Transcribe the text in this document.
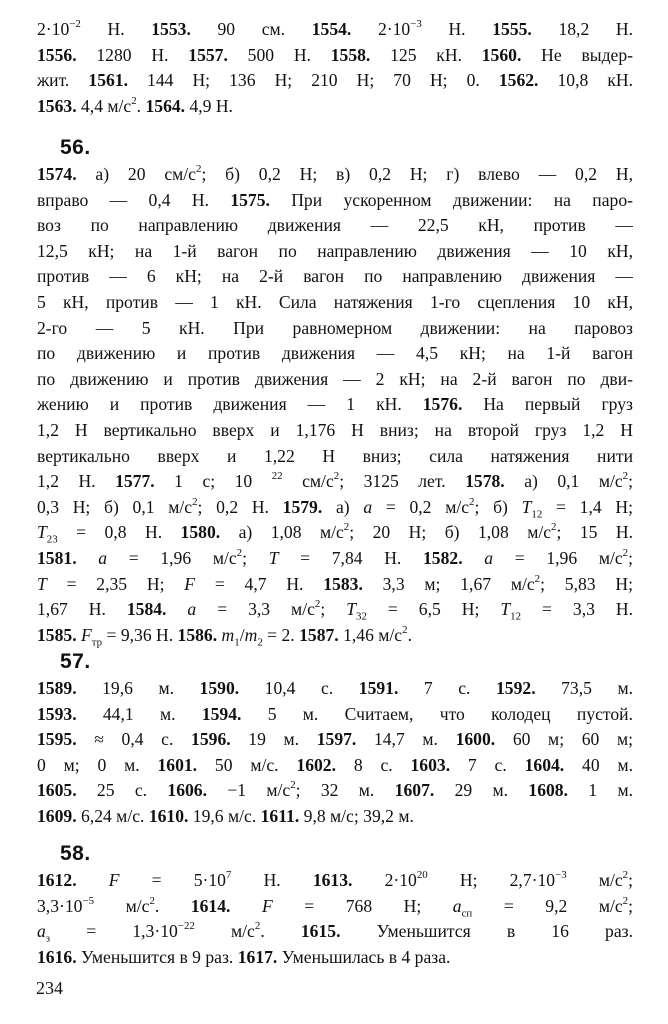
$2\cdot 10^{-2}$ Н. 1553. 90 см. 1554. $2\cdot 10^{-3}$ Н. 1555. 18,2 Н.
1556. 1280 Н. 1557. 500 Н. 1558. 125 кН. 1560. Не выдер-
жит. 1561. 144 Н; 136 Н; 210 Н; 70 Н; 0. 1562. 10,8 кН.
1563. 4,4 $м/с^2$. 1564. 4,9 Н.
56.
1574. а) 20 $см/с^2$; б) 0,2 Н; в) 0,2 Н; г) влево — 0,2 Н,
вправо — 0,4 Н. 1575. При ускоренном движении: на паро-
воз по направлению движения — 22,5 кН, против —
12,5 кН; на 1-й вагон по направлению движения — 10 кН,
против — 6 кН; на 2-й вагон по направлению движения —
5 кН, против — 1 кН. Сила натяжения 1-го сцепления 10 кН,
2-го — 5 кН. При равномерном движении: на паровоз
по движению и против движения — 4,5 кН; на 1-й вагон
по движению и против движения — 2 кН; на 2-й вагон по дви-
жению и против движения — 1 кН. 1576. На первый груз
1,2 Н вертикально вверх и 1,176 Н вниз; на второй груз 1,2 Н
вертикально вверх и 1,22 Н вниз; сила натяжения нити
1,2 Н. 1577. 1 с; 10 $^{22}$ $см/с^2$; 3125 лет. 1578. а) 0,1 $м/с^2$;
0,3 Н; б) 0,1 $м/с^2$; 0,2 Н. 1579. а) a = 0,2 $м/с^2$; б) $T_{12} = 1,4$ Н;
$T_{23} = 0,8$ Н. 1580. а) 1,08 $м/с^2$; 20 Н; б) 1,08 $м/с^2$; 15 Н.
1581. a = 1,96 $м/с^2$; T = 7,84 Н. 1582. a = 1,96 $м/с^2$;
T = 2,35 Н; F = 4,7 Н. 1583. 3,3 м; 1,67 $м/с^2$; 5,83 Н;
1,67 Н. 1584. a = 3,3 $м/с^2$; $T_{32} = 6,5$ Н; $T_{12} = 3,3$ Н.
1585. $F_{тр} = 9,36$ Н. 1586. $m_1/m_2 = 2$. 1587. 1,46 $м/с^2$.
57.
1589. 19,6 м. 1590. 10,4 с. 1591. 7 с. 1592. 73,5 м.
1593. 44,1 м. 1594. 5 м. Считаем, что колодец пустой.
1595. ≈ 0,4 с. 1596. 19 м. 1597. 14,7 м. 1600. 60 м; 60 м;
0 м; 0 м. 1601. 50 м/с. 1602. 8 с. 1603. 7 с. 1604. 40 м.
1605. 25 с. 1606. −1 $м/с^2$; 32 м. 1607. 29 м. 1608. 1 м.
1609. 6,24 м/с. 1610. 19,6 м/с. 1611. 9,8 м/с; 39,2 м.
58.
1612. $F = 5\cdot 10^7$ Н. 1613. $2\cdot 10^{20}$ Н; $2,7\cdot 10^{-3}$ $м/с^2$;
$3,3\cdot 10^{-5}$ $м/с^2$. 1614. F = 768 Н; $a_{сп} = 9,2$ $м/с^2$;
$a_з = 1,3\cdot 10^{-22}$ $м/с^2$. 1615. Уменьшится в 16 раз.
1616. Уменьшится в 9 раз. 1617. Уменьшилась в 4 раза.
234
